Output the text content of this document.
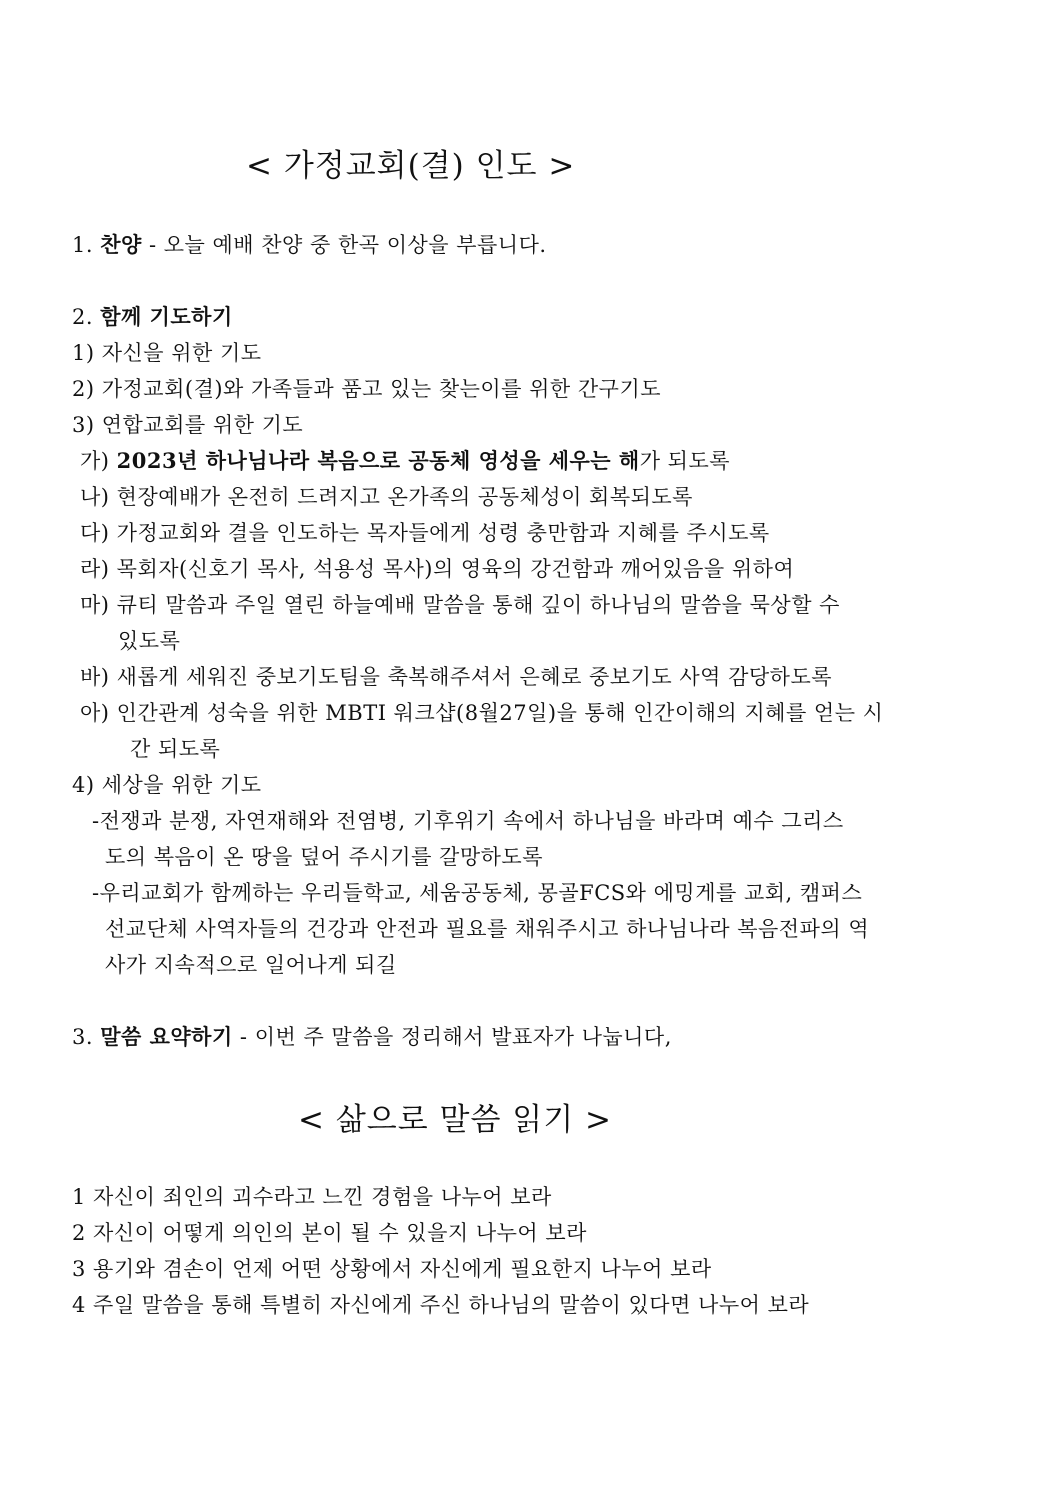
< 가정교회(결) 인도 >
1. 찬양 - 오늘 예배 찬양 중 한곡 이상을 부릅니다.
2. 함께 기도하기
1) 자신을 위한 기도
2) 가정교회(결)와 가족들과 품고 있는 찾는이를 위한 간구기도
3) 연합교회를 위한 기도
가) 2023년 하나님나라 복음으로 공동체 영성을 세우는 해가 되도록
나) 현장예배가 온전히 드려지고 온가족의 공동체성이 회복되도록
다) 가정교회와 결을 인도하는 목자들에게 성령 충만함과 지혜를 주시도록
라) 목회자(신호기 목사, 석용성 목사)의 영육의 강건함과 깨어있음을 위하여
마) 큐티 말씀과 주일 열린 하늘예배 말씀을 통해 깊이 하나님의 말씀을 묵상할 수
있도록
바) 새롭게 세워진 중보기도팀을 축복해주셔서 은혜로 중보기도 사역 감당하도록
아) 인간관계 성숙을 위한 MBTI 워크샵(8월27일)을 통해 인간이해의 지혜를 얻는 시
간 되도록
4) 세상을 위한 기도
-전쟁과 분쟁, 자연재해와 전염병, 기후위기 속에서 하나님을 바라며 예수 그리스
도의 복음이 온 땅을 덮어 주시기를 갈망하도록
-우리교회가 함께하는 우리들학교, 세움공동체, 몽골FCS와 에밍게를 교회, 캠퍼스
선교단체 사역자들의 건강과 안전과 필요를 채워주시고 하나님나라 복음전파의 역
사가 지속적으로 일어나게 되길
3. 말씀 요약하기 - 이번 주 말씀을 정리해서 발표자가 나눕니다,
< 삶으로 말씀 읽기 >
1 자신이 죄인의 괴수라고 느낀 경험을 나누어 보라
2 자신이 어떻게 의인의 본이 될 수 있을지 나누어 보라
3 용기와 겸손이 언제 어떤 상황에서 자신에게 필요한지 나누어 보라
4 주일 말씀을 통해 특별히 자신에게 주신 하나님의 말씀이 있다면 나누어 보라
